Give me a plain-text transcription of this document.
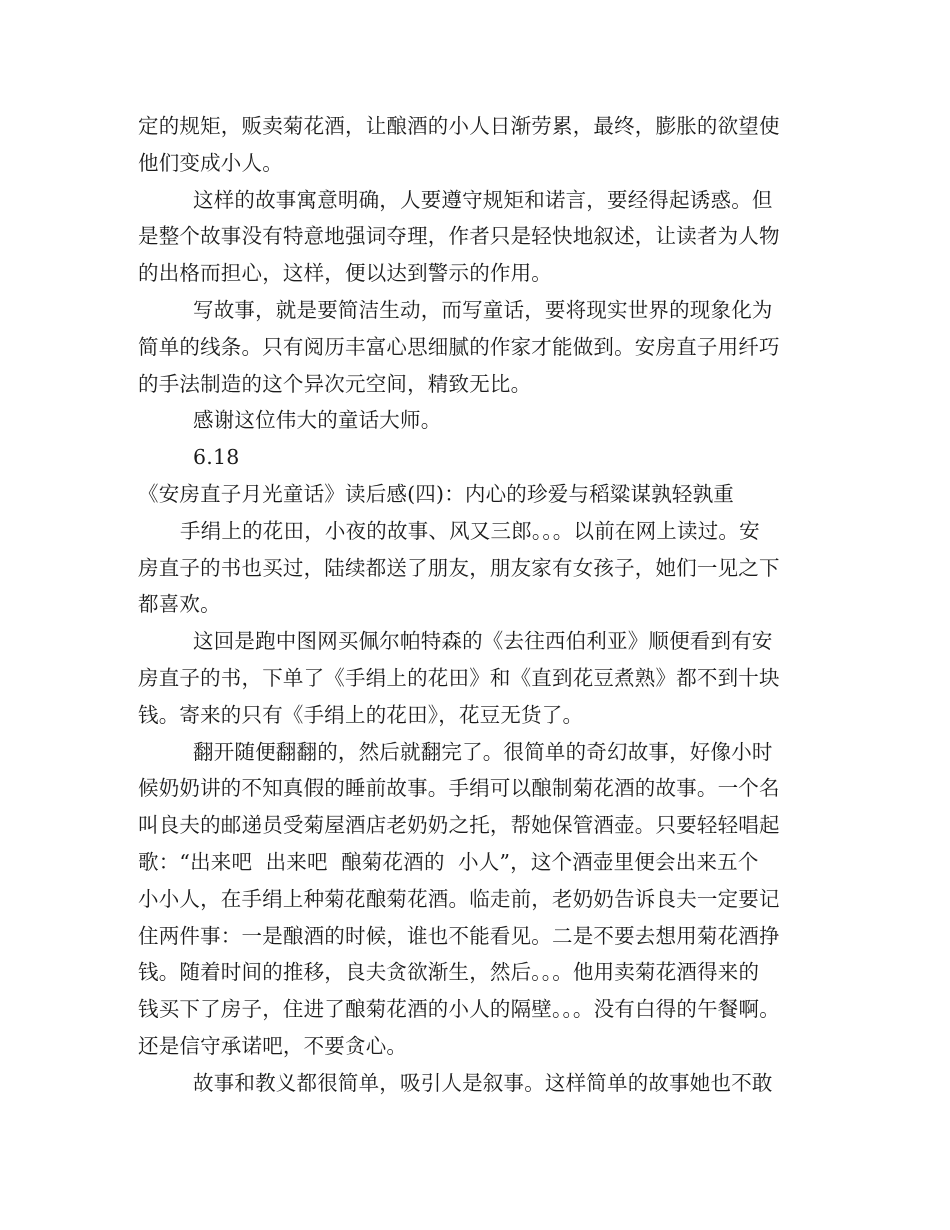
定的规矩，贩卖菊花酒，让酿酒的小人日渐劳累，最终，膨胀的欲望使
他们变成小人。
这样的故事寓意明确，人要遵守规矩和诺言，要经得起诱惑。但
是整个故事没有特意地强词夺理，作者只是轻快地叙述，让读者为人物
的出格而担心，这样，便以达到警示的作用。
写故事，就是要简洁生动，而写童话，要将现实世界的现象化为
简单的线条。只有阅历丰富心思细腻的作家才能做到。安房直子用纤巧
的手法制造的这个异次元空间，精致无比。
感谢这位伟大的童话大师。
6.18
《安房直子月光童话》读后感(四)：内心的珍爱与稻粱谋孰轻孰重
手绢上的花田，小夜的故事、风又三郎。。。以前在网上读过。安
房直子的书也买过，陆续都送了朋友，朋友家有女孩子，她们一见之下
都喜欢。
这回是跑中图网买佩尔帕特森的《去往西伯利亚》顺便看到有安
房直子的书，下单了《手绢上的花田》和《直到花豆煮熟》都不到十块
钱。寄来的只有《手绢上的花田》，花豆无货了。
翻开随便翻翻的，然后就翻完了。很简单的奇幻故事，好像小时
候奶奶讲的不知真假的睡前故事。手绢可以酿制菊花酒的故事。一个名
叫良夫的邮递员受菊屋酒店老奶奶之托，帮她保管酒壶。只要轻轻唱起
歌：“出来吧  出来吧  酿菊花酒的  小人”，这个酒壶里便会出来五个
小小人，在手绢上种菊花酿菊花酒。临走前，老奶奶告诉良夫一定要记
住两件事：一是酿酒的时候，谁也不能看见。二是不要去想用菊花酒挣
钱。随着时间的推移，良夫贪欲渐生，然后。。。他用卖菊花酒得来的
钱买下了房子，住进了酿菊花酒的小人的隔壁。。。没有白得的午餐啊。
还是信守承诺吧，不要贪心。
故事和教义都很简单，吸引人是叙事。这样简单的故事她也不敢
